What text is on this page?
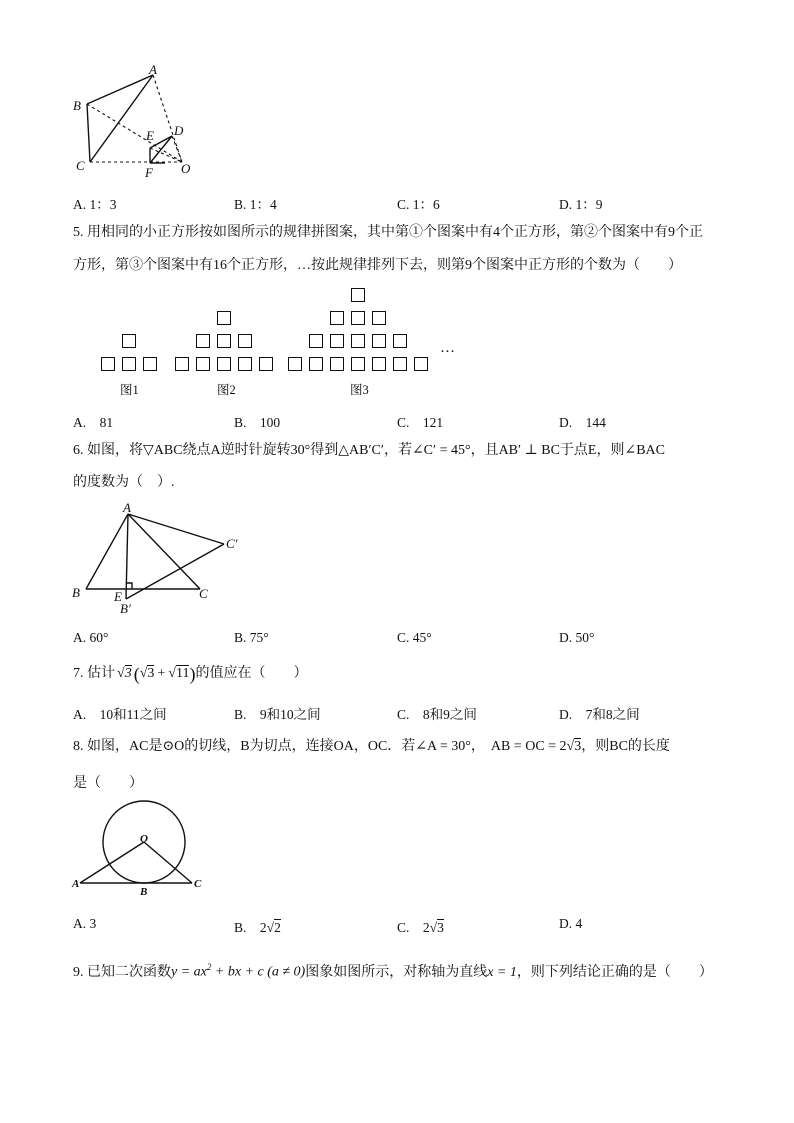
A
B
C
E D
F O
A. 1：3	B. 1：4	C. 1：6	D. 1：9
5. 用相同的小正方形按如图所示的规律拼图案，其中第①个图案中有4个正方形，第②个图案中有9个正
方形，第③个图案中有16个正方形，…按此规律排列下去，则第9个图案中正方形的个数为（　　）
…
图1	图2	图3
A.　81	B.　100	C.　121	D.　144
6. 如图，将▽ABC绕点A逆时针旋转30°得到△AB′C′，若∠C′ = 45°，且AB′ ⊥ BC于点E，则∠BAC
的度数为（　）.
A
B	C
C′
E
B′
A. 60°	B. 75°	C. 45°	D. 50°
7. 估计 √3 ( √3 + √11 ) 的值应在（　　）
A.　10和11之间	B.　9和10之间	C.　8和9之间	D.　7和8之间
8. 如图， AC是⊙O的切线，B为切点，连接OA，OC．若∠A = 30°， AB = OC = 2 √3 ，则BC的长度
是（　　）
O
A
B
C
A. 3	B.　2√2	C.　2√3	D. 4
9. 已知二次函数 $y = ax^2$ + bx + c (a ≠ 0) 图象如图所示，对称轴为直线 x = 1 ，则下列结论正确的是（　　）
